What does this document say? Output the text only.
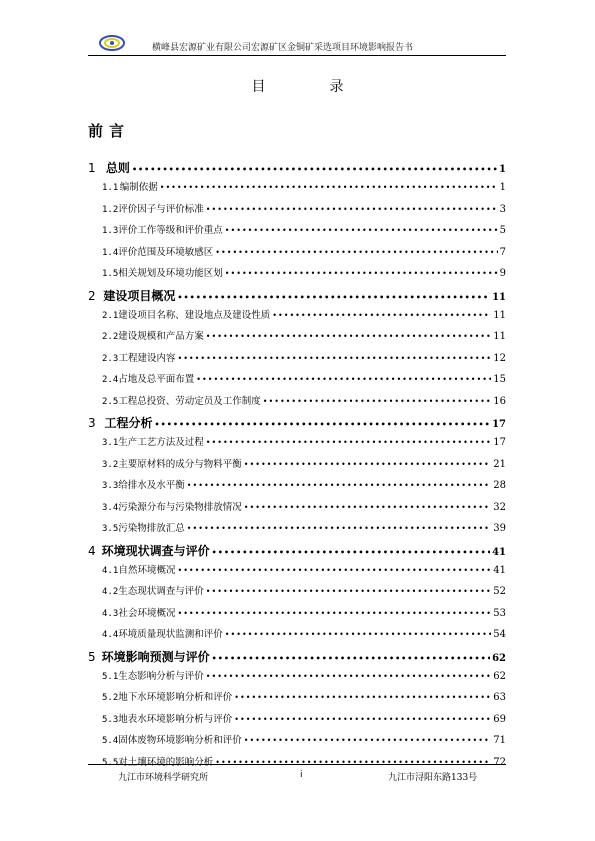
横峰县宏源矿业有限公司宏源矿区金铜矿采选项目环境影响报告书
目录
前言
1 总则 •••••	1
1.1 编制依据 •••••	1
1.2 评价因子与评价标准 •••••	3
1.3 评价工作等级和评价重点 •••••	5
1.4 评价范围及环境敏感区 •••••	7
1.5 相关规划及环境功能区划 •••••	9
2 建设项目概况 •••••	11
2.1 建设项目名称、建设地点及建设性质 •••••	11
2.2 建设规模和产品方案 •••••	11
2.3 工程建设内容 •••••	12
2.4 占地及总平面布置 •••••	15
2.5 工程总投资、劳动定员及工作制度 •••••	16
3 工程分析 •••••	17
3.1 生产工艺方法及过程 •••••	17
3.2 主要原材料的成分与物料平衡 •••••	21
3.3 给排水及水平衡 •••••	28
3.4 污染源分布与污染物排放情况 •••••	32
3.5 污染物排放汇总 •••••	39
4 环境现状调查与评价 •••••	41
4.1 自然环境概况 •••••	41
4.2 生态现状调查与评价 •••••	52
4.3 社会环境概况 •••••	53
4.4 环境质量现状监测和评价 •••••	54
5 环境影响预测与评价 •••••	62
5.1 生态影响分析与评价 •••••	62
5.2 地下水环境影响分析和评价 •••••	63
5.3 地表水环境影响分析与评价 •••••	69
5.4 固体废物环境影响分析和评价 •••••	71
5.5 对土壤环境的影响分析 •••••	72
九江市环境科学研究所	i	九江市浔阳东路133号
